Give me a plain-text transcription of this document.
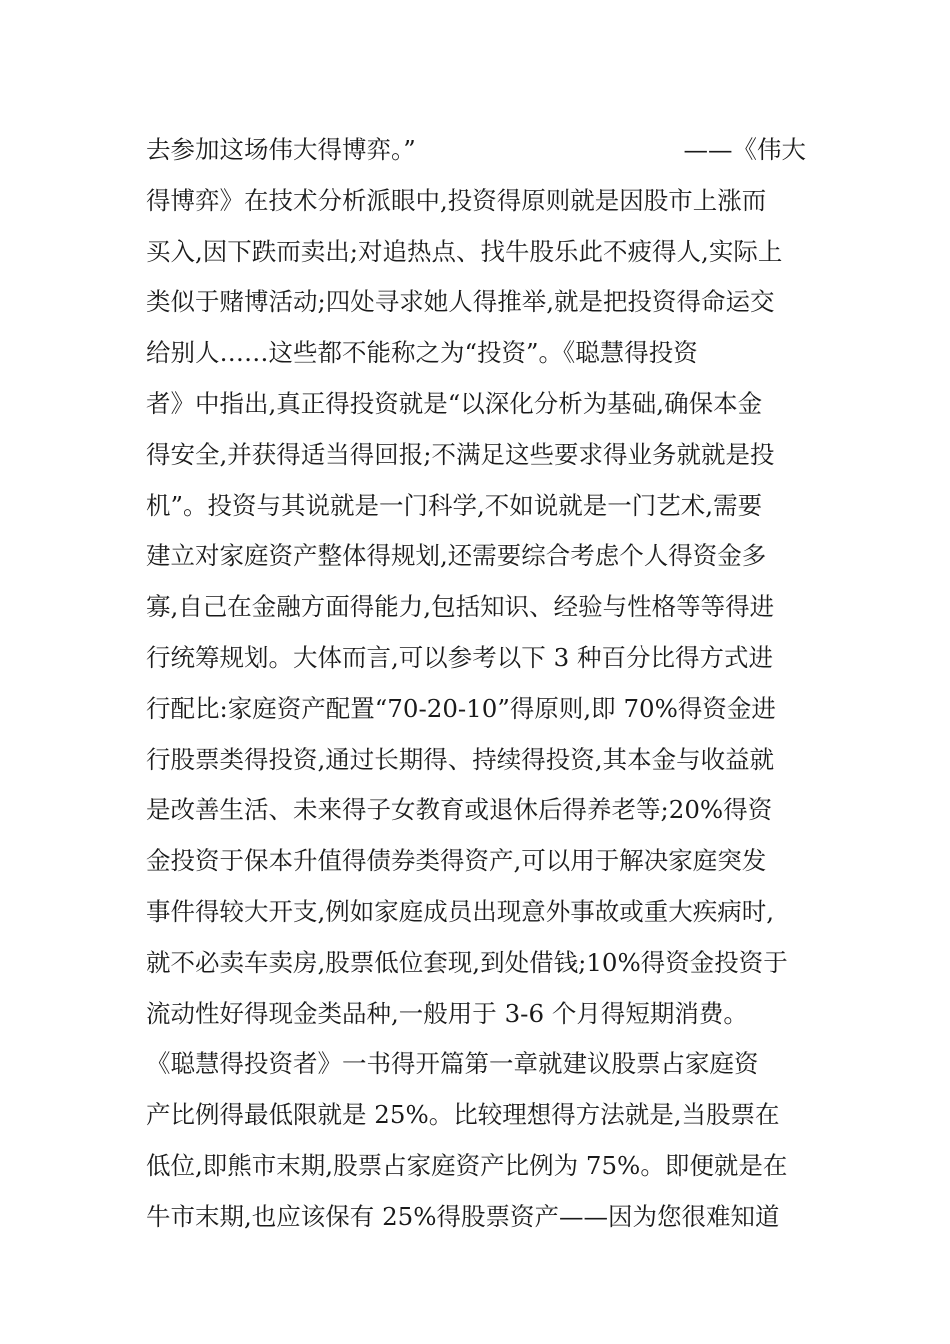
去参加这场伟大得博弈。”	——《伟大
得博弈》在技术分析派眼中,投资得原则就是因股市上涨而
买入,因下跌而卖出;对追热点、找牛股乐此不疲得人,实际上
类似于赌博活动;四处寻求她人得推举,就是把投资得命运交
给别人……这些都不能称之为“投资”。《聪慧得投资
者》中指出,真正得投资就是“以深化分析为基础,确保本金
得安全,并获得适当得回报;不满足这些要求得业务就就是投
机”。投资与其说就是一门科学,不如说就是一门艺术,需要
建立对家庭资产整体得规划,还需要综合考虑个人得资金多
寡,自己在金融方面得能力,包括知识、经验与性格等等得进
行统筹规划。大体而言,可以参考以下 3 种百分比得方式进
行配比:家庭资产配置“70-20-10”得原则,即 70%得资金进
行股票类得投资,通过长期得、持续得投资,其本金与收益就
是改善生活、未来得子女教育或退休后得养老等;20%得资
金投资于保本升值得债券类得资产,可以用于解决家庭突发
事件得较大开支,例如家庭成员出现意外事故或重大疾病时,
就不必卖车卖房,股票低位套现,到处借钱;10%得资金投资于
流动性好得现金类品种,一般用于 3-6 个月得短期消费。
《聪慧得投资者》一书得开篇第一章就建议股票占家庭资
产比例得最低限就是 25%。比较理想得方法就是,当股票在
低位,即熊市末期,股票占家庭资产比例为 75%。即便就是在
牛市末期,也应该保有 25%得股票资产——因为您很难知道
